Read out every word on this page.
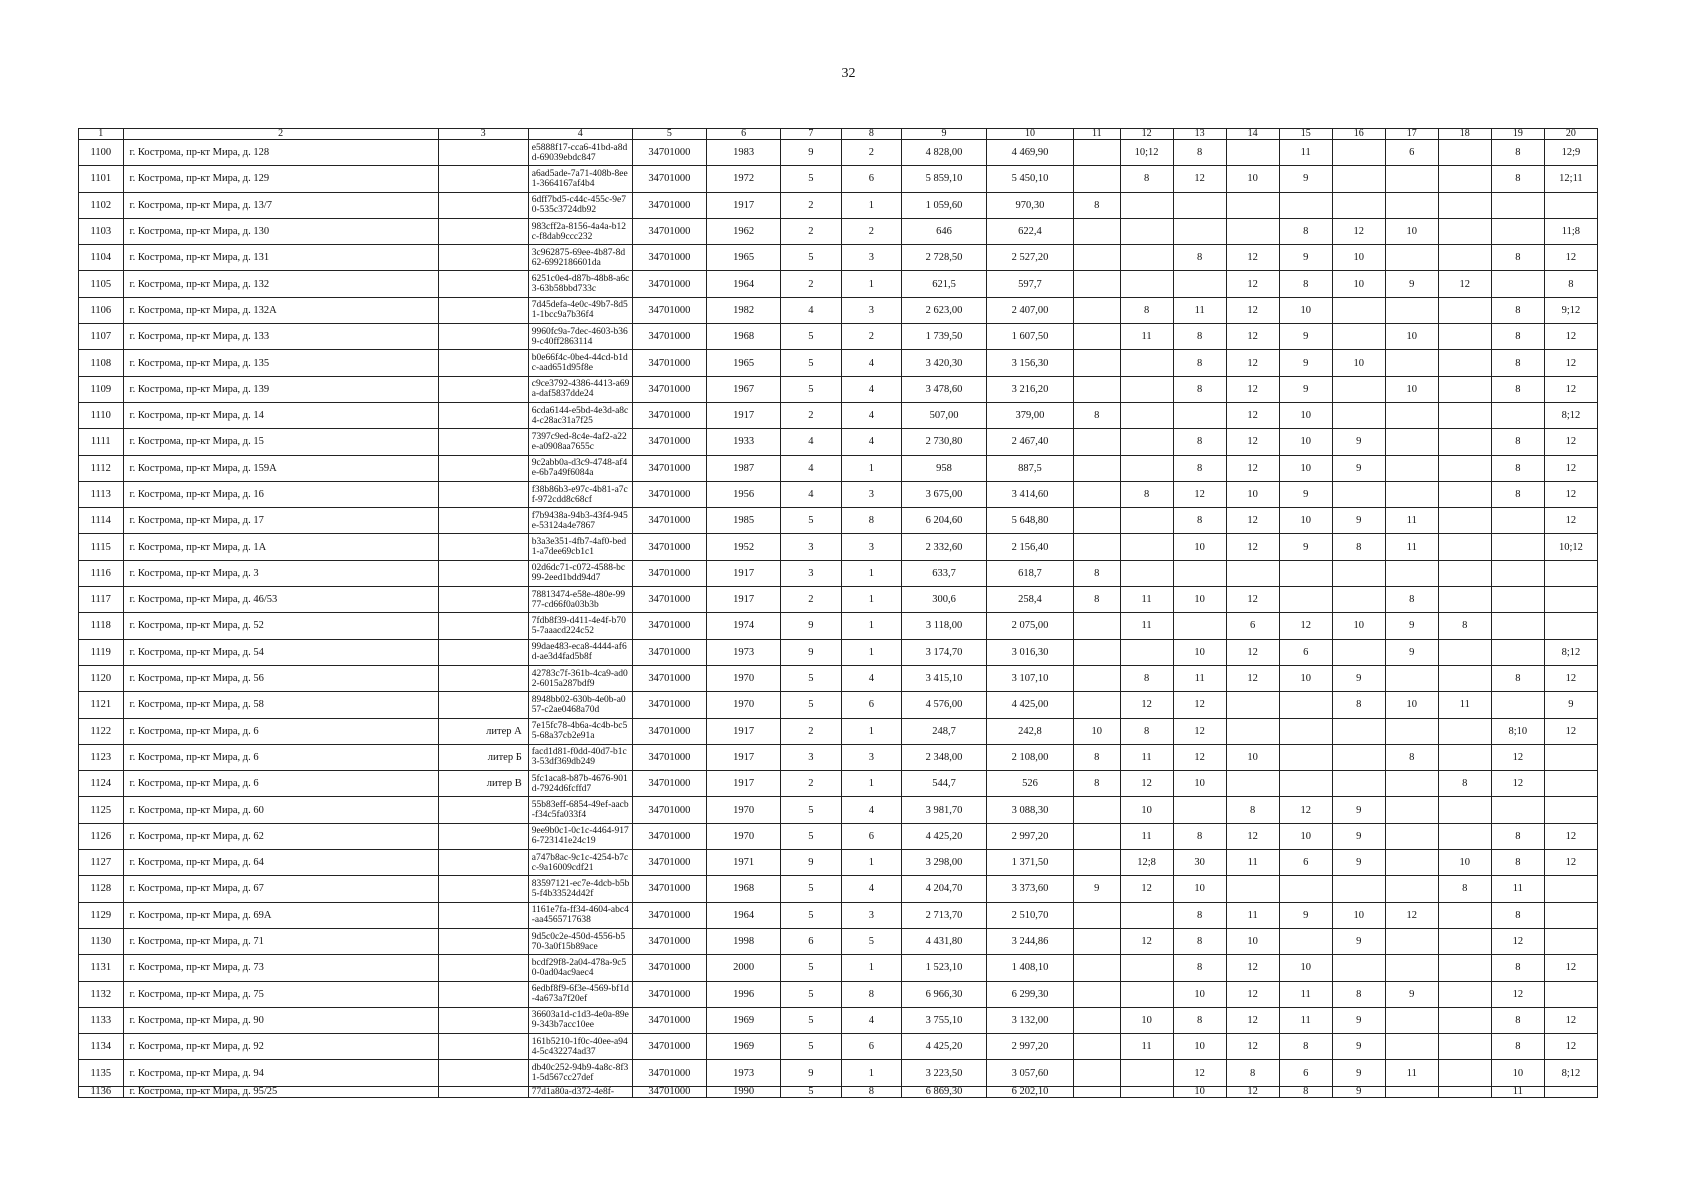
32
1	2	3	4	5	6	7	8	9	10	11	12	13	14	15	16	17	18	19	20
1100	г. Кострома, пр-кт Мира, д. 128		e5888f17-cca6-41bd-a8dd-69039ebdc847	34701000	1983	9	2	4 828,00	4 469,90		10;12	8		11		6		8	12;9
1101	г. Кострома, пр-кт Мира, д. 129		a6ad5ade-7a71-408b-8ee1-3664167af4b4	34701000	1972	5	6	5 859,10	5 450,10		8	12	10	9				8	12;11
1102	г. Кострома, пр-кт Мира, д. 13/7		6dff7bd5-c44c-455c-9e70-535c3724db92	34701000	1917	2	1	1 059,60	970,30	8									
1103	г. Кострома, пр-кт Мира, д. 130		983cff2a-8156-4a4a-b12c-f8dab9ccc232	34701000	1962	2	2	646	622,4					8	12	10			11;8
1104	г. Кострома, пр-кт Мира, д. 131		3c962875-69ee-4b87-8d62-6992186601da	34701000	1965	5	3	2 728,50	2 527,20			8	12	9	10			8	12
1105	г. Кострома, пр-кт Мира, д. 132		6251c0e4-d87b-48b8-a6c3-63b58bbd733c	34701000	1964	2	1	621,5	597,7				12	8	10	9	12		8
1106	г. Кострома, пр-кт Мира, д. 132А		7d45defa-4e0c-49b7-8d51-1bcc9a7b36f4	34701000	1982	4	3	2 623,00	2 407,00		8	11	12	10				8	9;12
1107	г. Кострома, пр-кт Мира, д. 133		9960fc9a-7dec-4603-b369-c40ff2863114	34701000	1968	5	2	1 739,50	1 607,50		11	8	12	9		10		8	12
1108	г. Кострома, пр-кт Мира, д. 135		b0e66f4c-0be4-44cd-b1dc-aad651d95f8e	34701000	1965	5	4	3 420,30	3 156,30			8	12	9	10			8	12
1109	г. Кострома, пр-кт Мира, д. 139		c9ce3792-4386-4413-a69a-daf5837dde24	34701000	1967	5	4	3 478,60	3 216,20			8	12	9		10		8	12
1110	г. Кострома, пр-кт Мира, д. 14		6cda6144-e5bd-4e3d-a8c4-c28ac31a7f25	34701000	1917	2	4	507,00	379,00	8			12	10					8;12
1111	г. Кострома, пр-кт Мира, д. 15		7397c9ed-8c4e-4af2-a22e-a0908aa7655c	34701000	1933	4	4	2 730,80	2 467,40			8	12	10	9			8	12
1112	г. Кострома, пр-кт Мира, д. 159А		9c2abb0a-d3c9-4748-af4e-6b7a49f6084a	34701000	1987	4	1	958	887,5			8	12	10	9			8	12
1113	г. Кострома, пр-кт Мира, д. 16		f38b86b3-e97c-4b81-a7cf-972cdd8c68cf	34701000	1956	4	3	3 675,00	3 414,60		8	12	10	9				8	12
1114	г. Кострома, пр-кт Мира, д. 17		f7b9438a-94b3-43f4-945e-53124a4e7867	34701000	1985	5	8	6 204,60	5 648,80			8	12	10	9	11			12
1115	г. Кострома, пр-кт Мира, д. 1А		b3a3e351-4fb7-4af0-bed1-a7dee69cb1c1	34701000	1952	3	3	2 332,60	2 156,40			10	12	9	8	11			10;12
1116	г. Кострома, пр-кт Мира, д. 3		02d6dc71-c072-4588-bc99-2eed1bdd94d7	34701000	1917	3	1	633,7	618,7	8									
1117	г. Кострома, пр-кт Мира, д. 46/53		78813474-e58e-480e-9977-cd66f0a03b3b	34701000	1917	2	1	300,6	258,4	8	11	10	12			8			
1118	г. Кострома, пр-кт Мира, д. 52		7fdb8f39-d411-4e4f-b705-7aaacd224c52	34701000	1974	9	1	3 118,00	2 075,00		11		6	12	10	9	8		
1119	г. Кострома, пр-кт Мира, д. 54		99dae483-eca8-4444-af6d-ae3d4fad5b8f	34701000	1973	9	1	3 174,70	3 016,30			10	12	6		9			8;12
1120	г. Кострома, пр-кт Мира, д. 56		42783c7f-361b-4ca9-ad02-6015a287bdf9	34701000	1970	5	4	3 415,10	3 107,10		8	11	12	10	9			8	12
1121	г. Кострома, пр-кт Мира, д. 58		8948bb02-630b-4e0b-a057-c2ae0468a70d	34701000	1970	5	6	4 576,00	4 425,00		12	12			8	10	11		9
1122	г. Кострома, пр-кт Мира, д. 6	литер А	7e15fc78-4b6a-4c4b-bc55-68a37cb2e91a	34701000	1917	2	1	248,7	242,8	10	8	12						8;10	12
1123	г. Кострома, пр-кт Мира, д. 6	литер Б	facd1d81-f0dd-40d7-b1c3-53df369db249	34701000	1917	3	3	2 348,00	2 108,00	8	11	12	10			8		12	
1124	г. Кострома, пр-кт Мира, д. 6	литер В	5fc1aca8-b87b-4676-901d-7924d6fcffd7	34701000	1917	2	1	544,7	526	8	12	10					8	12	
1125	г. Кострома, пр-кт Мира, д. 60		55b83eff-6854-49ef-aacb-f34c5fa033f4	34701000	1970	5	4	3 981,70	3 088,30		10		8	12	9				
1126	г. Кострома, пр-кт Мира, д. 62		9ee9b0c1-0c1c-4464-9176-723141e24c19	34701000	1970	5	6	4 425,20	2 997,20		11	8	12	10	9			8	12
1127	г. Кострома, пр-кт Мира, д. 64		a747b8ac-9c1c-4254-b7cc-9a16009cdf21	34701000	1971	9	1	3 298,00	1 371,50		12;8	30	11	6	9		10	8	12
1128	г. Кострома, пр-кт Мира, д. 67		83597121-ec7e-4dcb-b5b5-f4b33524d42f	34701000	1968	5	4	4 204,70	3 373,60	9	12	10					8	11	
1129	г. Кострома, пр-кт Мира, д. 69А		1161e7fa-ff34-4604-abc4-aa4565717638	34701000	1964	5	3	2 713,70	2 510,70			8	11	9	10	12		8	
1130	г. Кострома, пр-кт Мира, д. 71		9d5c0c2e-450d-4556-b570-3a0f15b89ace	34701000	1998	6	5	4 431,80	3 244,86		12	8	10		9			12	
1131	г. Кострома, пр-кт Мира, д. 73		bcdf29f8-2a04-478a-9c50-0ad04ac9aec4	34701000	2000	5	1	1 523,10	1 408,10			8	12	10				8	12
1132	г. Кострома, пр-кт Мира, д. 75		6edbf8f9-6f3e-4569-bf1d-4a673a7f20ef	34701000	1996	5	8	6 966,30	6 299,30			10	12	11	8	9		12	
1133	г. Кострома, пр-кт Мира, д. 90		36603a1d-c1d3-4e0a-89e9-343b7acc10ee	34701000	1969	5	4	3 755,10	3 132,00		10	8	12	11	9			8	12
1134	г. Кострома, пр-кт Мира, д. 92		161b5210-1f0c-40ee-a944-5c432274ad37	34701000	1969	5	6	4 425,20	2 997,20		11	10	12	8	9			8	12
1135	г. Кострома, пр-кт Мира, д. 94		db40c252-94b9-4a8c-8f31-5d567cc27def	34701000	1973	9	1	3 223,50	3 057,60			12	8	6	9	11		10	8;12
1136	г. Кострома, пр-кт Мира, д. 95/25		77d1a80a-d372-4e8f-	34701000	1990	5	8	6 869,30	6 202,10			10	12	8	9			11	
